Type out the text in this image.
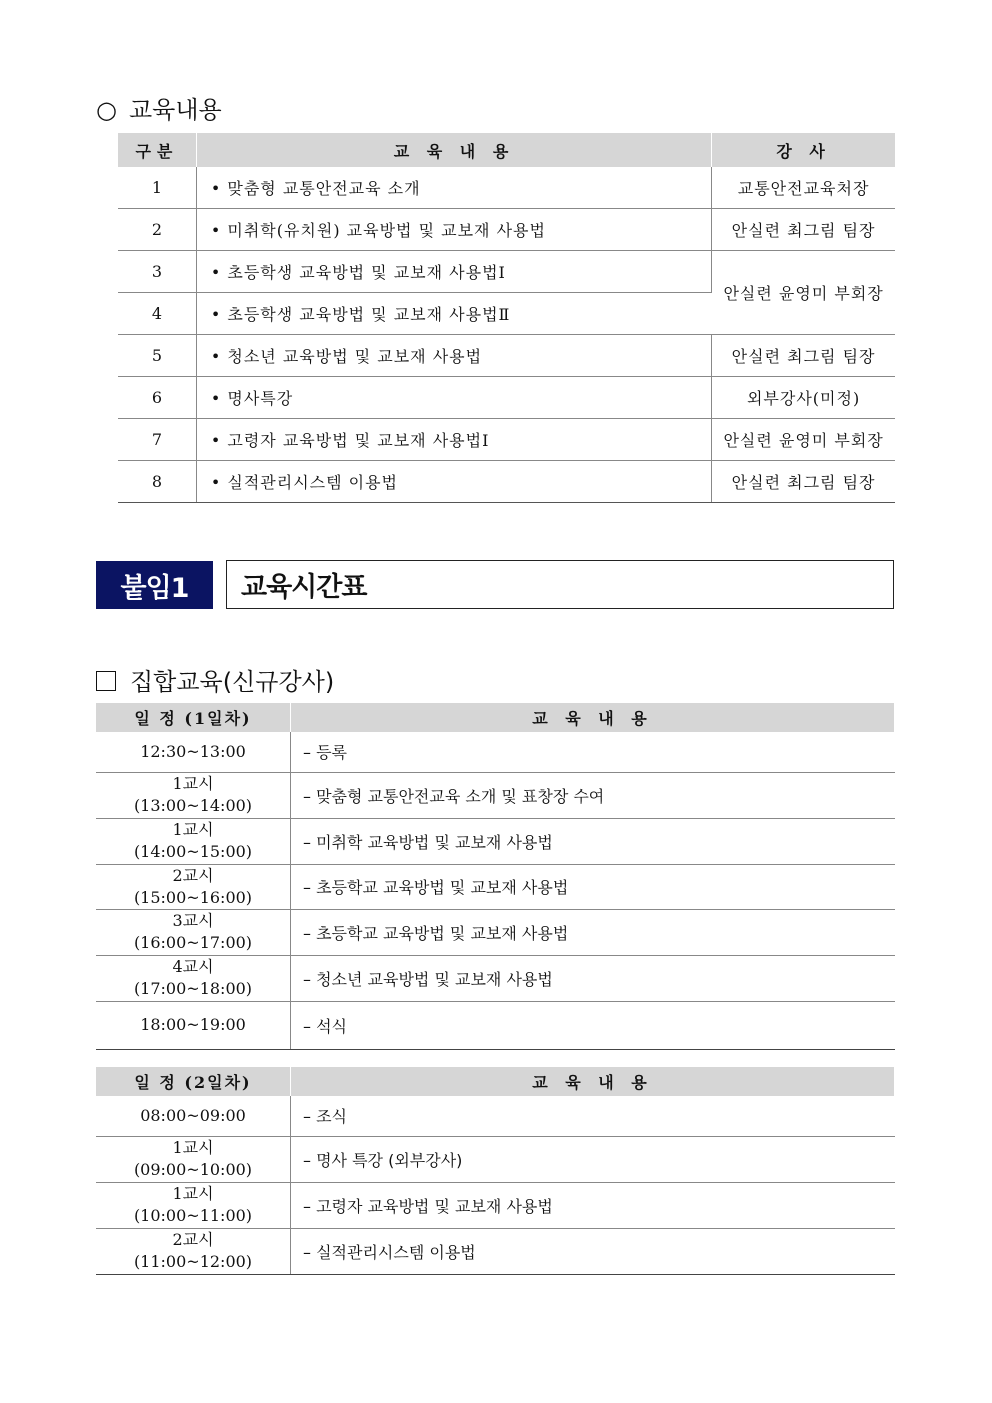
○ 교육내용
구분	교 육 내 용	강 사
1	• 맞춤형 교통안전교육 소개	교통안전교육처장
2	• 미취학(유치원) 교육방법 및 교보재 사용법	안실련 최그림 팀장
3	• 초등학생 교육방법 및 교보재 사용법Ⅰ	안실련 윤영미 부회장
4	• 초등학생 교육방법 및 교보재 사용법Ⅱ	
5	• 청소년 교육방법 및 교보재 사용법	안실련 최그림 팀장
6	• 명사특강	외부강사(미정)
7	• 고령자 교육방법 및 교보재 사용법Ⅰ	안실련 윤영미 부회장
8	• 실적관리시스템 이용법	안실련 최그림 팀장
붙임1	교육시간표
집합교육(신규강사)
일 정 (1일차)	교 육 내 용
12:30~13:00	– 등록

1교시
(13:00~14:00)	– 맞춤형 교통안전교육 소개 및 표창장 수여

1교시
(14:00~15:00)	– 미취학 교육방법 및 교보재 사용법

2교시
(15:00~16:00)	– 초등학교 교육방법 및 교보재 사용법

3교시
(16:00~17:00)	– 초등학교 교육방법 및 교보재 사용법

4교시
(17:00~18:00)	– 청소년 교육방법 및 교보재 사용법
18:00~19:00	– 석식
일 정 (2일차)	교 육 내 용
08:00~09:00	– 조식

1교시
(09:00~10:00)	– 명사 특강 (외부강사)

1교시
(10:00~11:00)	– 고령자 교육방법 및 교보재 사용법

2교시
(11:00~12:00)	– 실적관리시스템 이용법
